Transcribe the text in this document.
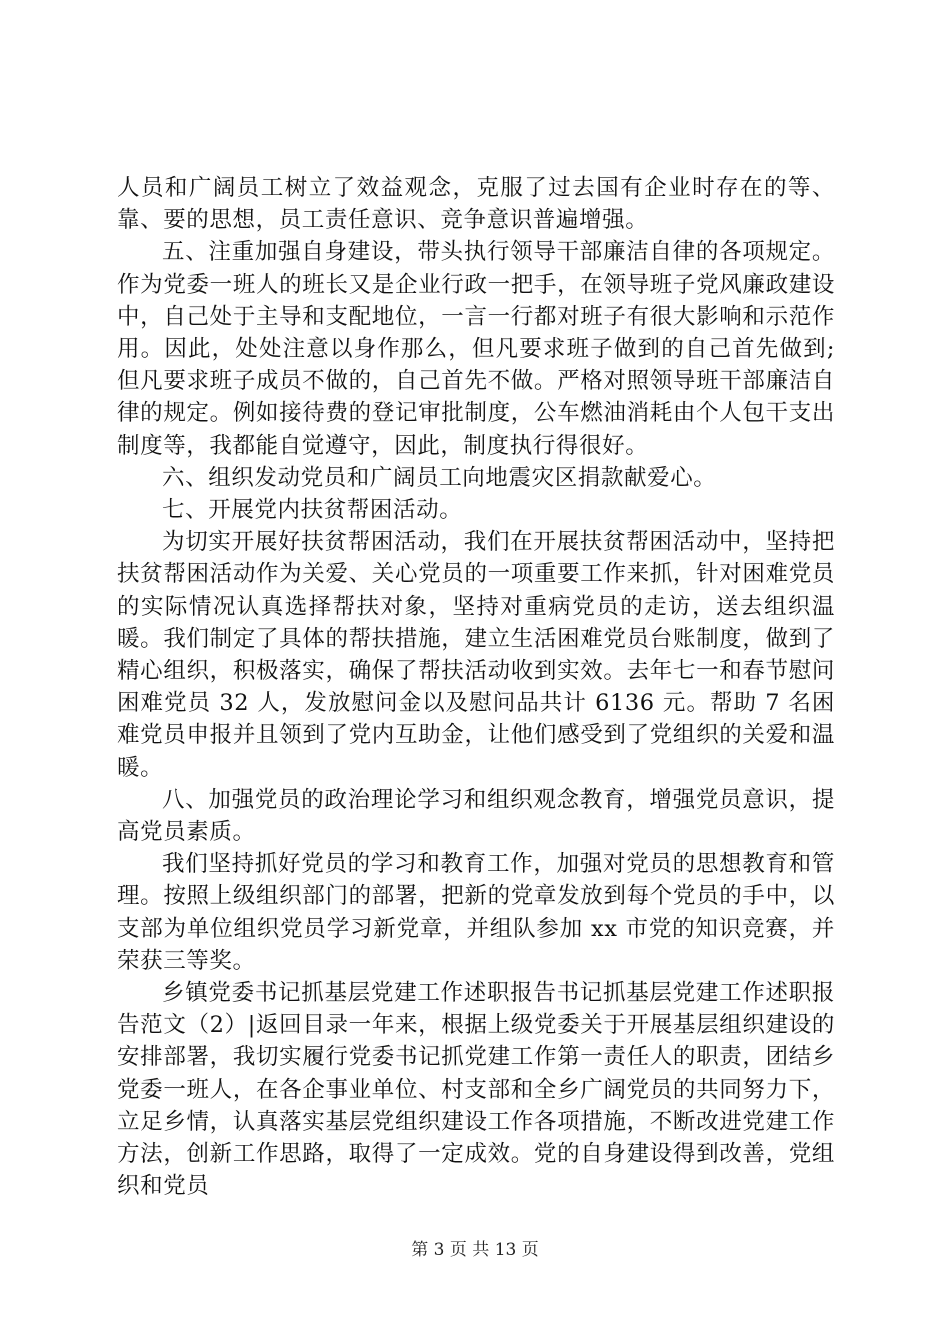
人员和广阔员工树立了效益观念，克服了过去国有企业时存在的等、靠、要的思想，员工责任意识、竞争意识普遍增强。

五、注重加强自身建设，带头执行领导干部廉洁自律的各项规定。作为党委一班人的班长又是企业行政一把手，在领导班子党风廉政建设中，自己处于主导和支配地位，一言一行都对班子有很大影响和示范作用。因此，处处注意以身作那么，但凡要求班子做到的自己首先做到;但凡要求班子成员不做的，自己首先不做。严格对照领导班干部廉洁自律的规定。例如接待费的登记审批制度，公车燃油消耗由个人包干支出制度等，我都能自觉遵守，因此，制度执行得很好。

六、组织发动党员和广阔员工向地震灾区捐款献爱心。

七、开展党内扶贫帮困活动。

为切实开展好扶贫帮困活动，我们在开展扶贫帮困活动中，坚持把扶贫帮困活动作为关爱、关心党员的一项重要工作来抓，针对困难党员的实际情况认真选择帮扶对象，坚持对重病党员的走访，送去组织温暖。我们制定了具体的帮扶措施，建立生活困难党员台账制度，做到了精心组织，积极落实，确保了帮扶活动收到实效。去年七一和春节慰问困难党员 32 人，发放慰问金以及慰问品共计 6136 元。帮助 7 名困难党员申报并且领到了党内互助金，让他们感受到了党组织的关爱和温暖。

八、加强党员的政治理论学习和组织观念教育，增强党员意识，提高党员素质。

我们坚持抓好党员的学习和教育工作，加强对党员的思想教育和管理。按照上级组织部门的部署，把新的党章发放到每个党员的手中，以支部为单位组织党员学习新党章，并组队参加 xx 市党的知识竞赛，并荣获三等奖。

乡镇党委书记抓基层党建工作述职报告书记抓基层党建工作述职报告范文（2）|返回目录一年来，根据上级党委关于开展基层组织建设的安排部署，我切实履行党委书记抓党建工作第一责任人的职责，团结乡党委一班人，在各企事业单位、村支部和全乡广阔党员的共同努力下，立足乡情，认真落实基层党组织建设工作各项措施，不断改进党建工作方法，创新工作思路，取得了一定成效。党的自身建设得到改善，党组织和党员

第 3 页 共 13 页
